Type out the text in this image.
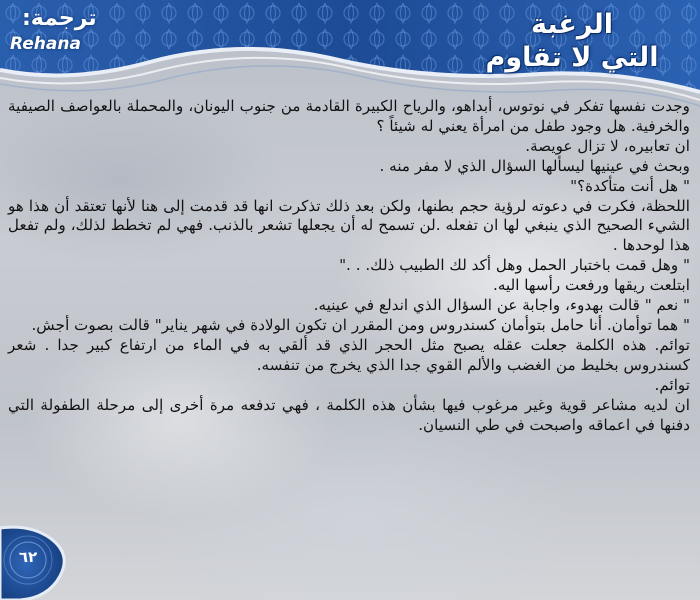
الرغبة
التي لا تقاوم
ترجمة:
Rehana

وجدت نفسها تفكر في نوتوس، أبداهو، والرياح الكبيرة القادمة من جنوب اليونان، والمحملة بالعواصف الصيفية والخرفية. هل وجود طفل من امرأة يعني له شيئاً ؟

ان تعابيره، لا تزال عويصة.

وبحث في عينيها ليسألها السؤال الذي لا مفر منه .

" هل أنت متأكدة؟"

اللحظة، فكرت في دعوته لرؤية حجم بطنها، ولكن بعد ذلك تذكرت انها قد قدمت إلى هنا لأنها تعتقد أن هذا هو الشيء الصحيح الذي ينبغي لها ان تفعله .لن تسمح له أن يجعلها تشعر بالذنب. فهي لم تخطط لذلك، ولم تفعل هذا لوحدها .

" وهل قمت باختبار الحمل وهل أكد لك الطبيب ذلك. . ."

ابتلعت ريقها ورفعت رأسها اليه.

" نعم " قالت بهدوء، واجابة عن السؤال الذي اندلع في عينيه.

" هما توأمان. أنا حامل بتوأمان كسندروس ومن المقرر ان تكون الولادة في شهر يناير" قالت بصوت أجش.

توائم. هذه الكلمة جعلت عقله يصبح مثل الحجر الذي قد ألقي به في الماء من ارتفاع كبير جدا . شعر كسندروس بخليط من الغضب والألم القوي جدا الذي يخرج من تنفسه.

توائم.

ان لديه مشاعر قوية وغير مرغوب فيها بشأن هذه الكلمة ، فهي تدفعه مرة أخرى إلى مرحلة الطفولة التي دفنها في اعماقه واصبحت في طي النسيان.

٦٢
